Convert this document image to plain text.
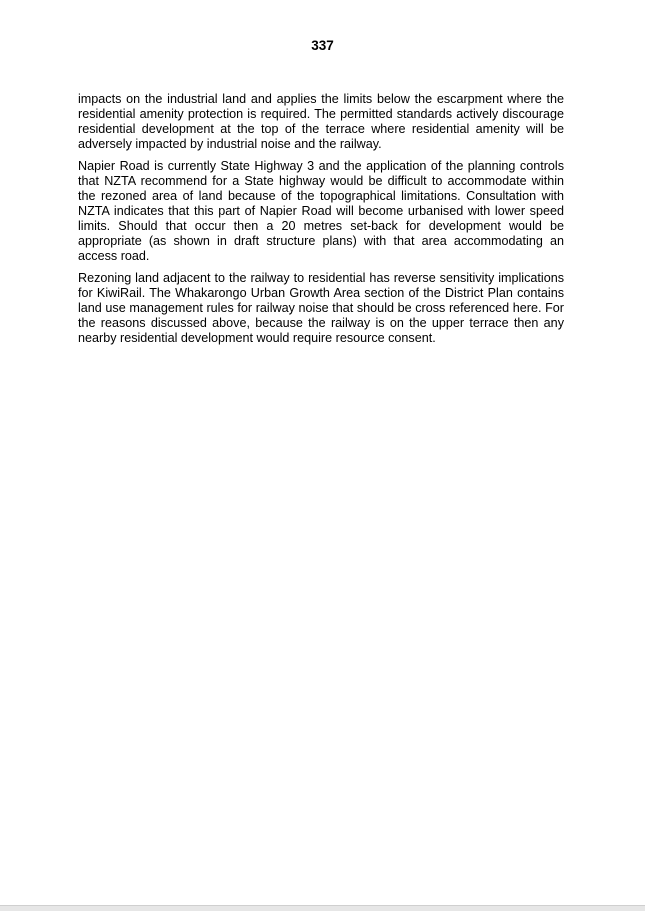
337

impacts on the industrial land and applies the limits below the escarpment where the residential amenity protection is required. The permitted standards actively discourage residential development at the top of the terrace where residential amenity will be adversely impacted by industrial noise and the railway.

Napier Road is currently State Highway 3 and the application of the planning controls that NZTA recommend for a State highway would be difficult to accommodate within the rezoned area of land because of the topographical limitations. Consultation with NZTA indicates that this part of Napier Road will become urbanised with lower speed limits. Should that occur then a 20 metres set-back for development would be appropriate (as shown in draft structure plans) with that area accommodating an access road.

Rezoning land adjacent to the railway to residential has reverse sensitivity implications for KiwiRail. The Whakarongo Urban Growth Area section of the District Plan contains land use management rules for railway noise that should be cross referenced here. For the reasons discussed above, because the railway is on the upper terrace then any nearby residential development would require resource consent.
